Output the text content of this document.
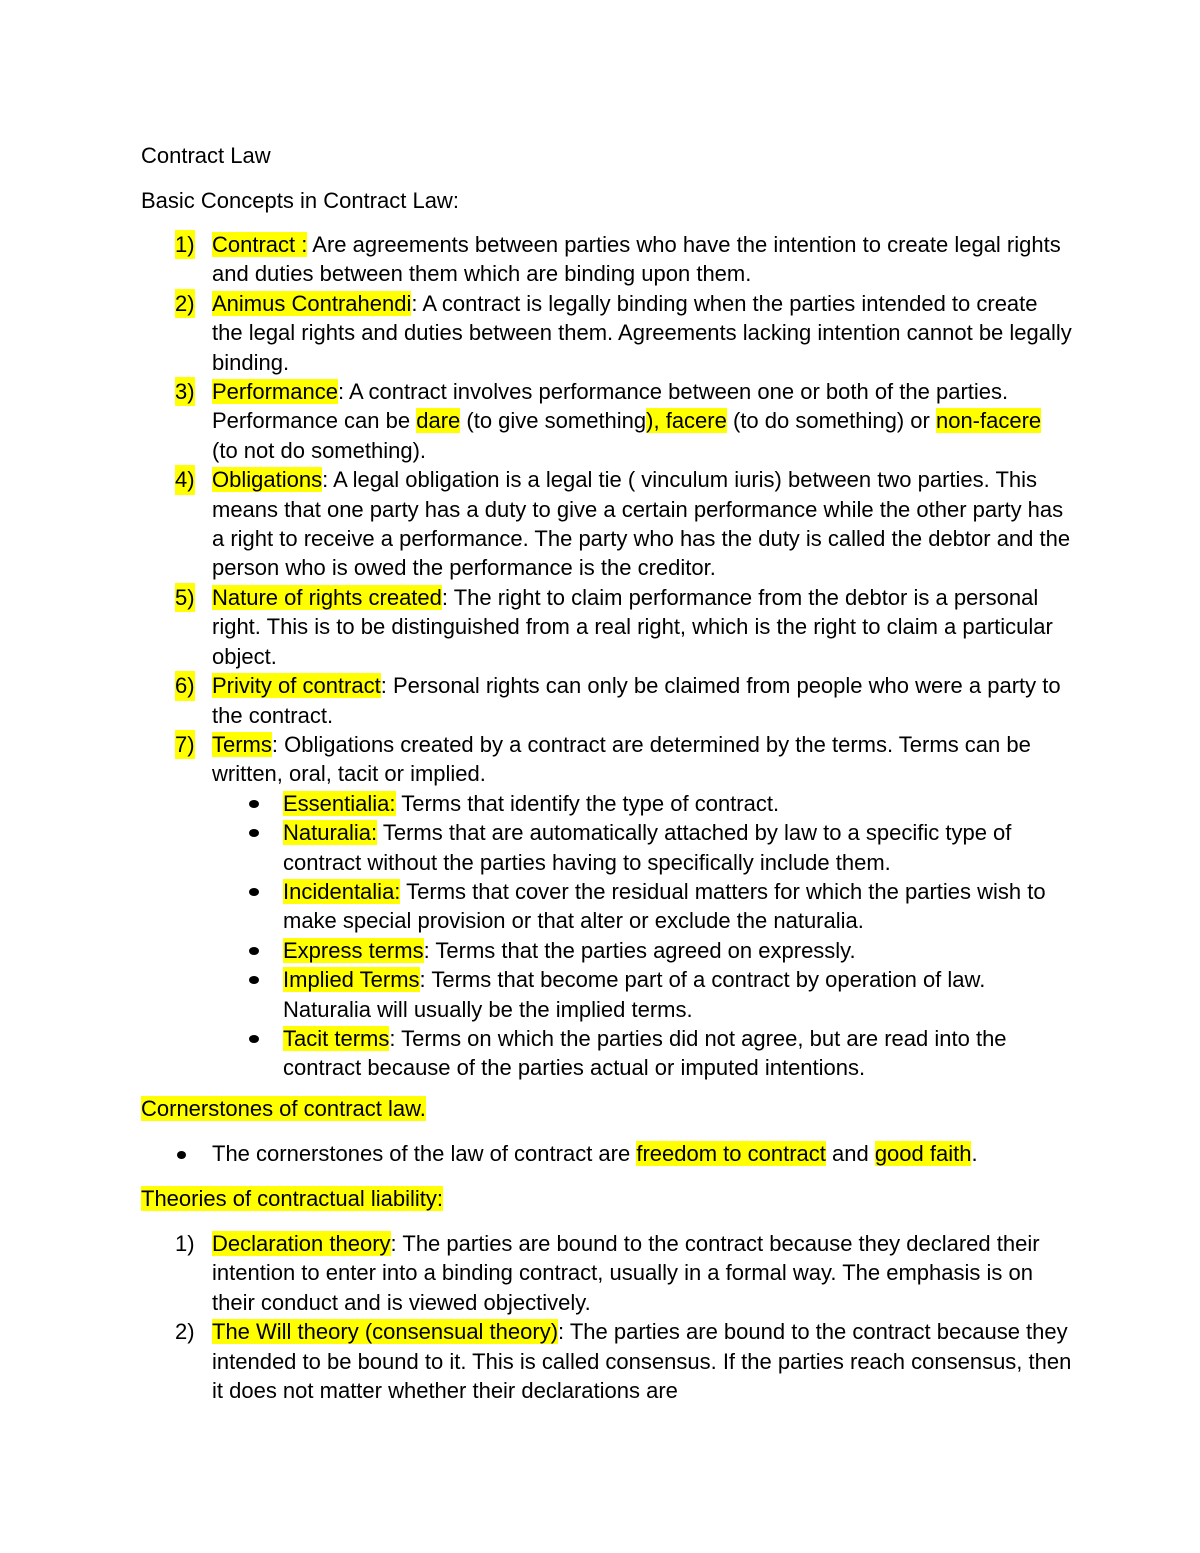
Contract Law
Basic Concepts in Contract Law:
1) Contract : Are agreements between parties who have the intention to create legal rights and duties between them which are binding upon them.
2) Animus Contrahendi: A contract is legally binding when the parties intended to create the legal rights and duties between them. Agreements lacking intention cannot be legally binding.
3) Performance: A contract involves performance between one or both of the parties. Performance can be dare (to give something), facere (to do something) or non-facere (to not do something).
4) Obligations: A legal obligation is a legal tie ( vinculum iuris) between two parties. This means that one party has a duty to give a certain performance while the other party has a right to receive a performance. The party who has the duty is called the debtor and the person who is owed the performance is the creditor.
5) Nature of rights created: The right to claim performance from the debtor is a personal right. This is to be distinguished from a real right, which is the right to claim a particular object.
6) Privity of contract: Personal rights can only be claimed from people who were a party to the contract.
7) Terms: Obligations created by a contract are determined by the terms. Terms can be written, oral, tacit or implied.
Essentialia: Terms that identify the type of contract.
Naturalia: Terms that are automatically attached by law to a specific type of contract without the parties having to specifically include them.
Incidentalia: Terms that cover the residual matters for which the parties wish to make special provision or that alter or exclude the naturalia.
Express terms: Terms that the parties agreed on expressly.
Implied Terms: Terms that become part of a contract by operation of law. Naturalia will usually be the implied terms.
Tacit terms: Terms on which the parties did not agree, but are read into the contract because of the parties actual or imputed intentions.
Cornerstones of contract law.
The cornerstones of the law of contract are freedom to contract and good faith.
Theories of contractual liability:
1) Declaration theory: The parties are bound to the contract because they declared their intention to enter into a binding contract, usually in a formal way. The emphasis is on their conduct and is viewed objectively.
2) The Will theory (consensual theory): The parties are bound to the contract because they intended to be bound to it. This is called consensus. If the parties reach consensus, then it does not matter whether their declarations are
